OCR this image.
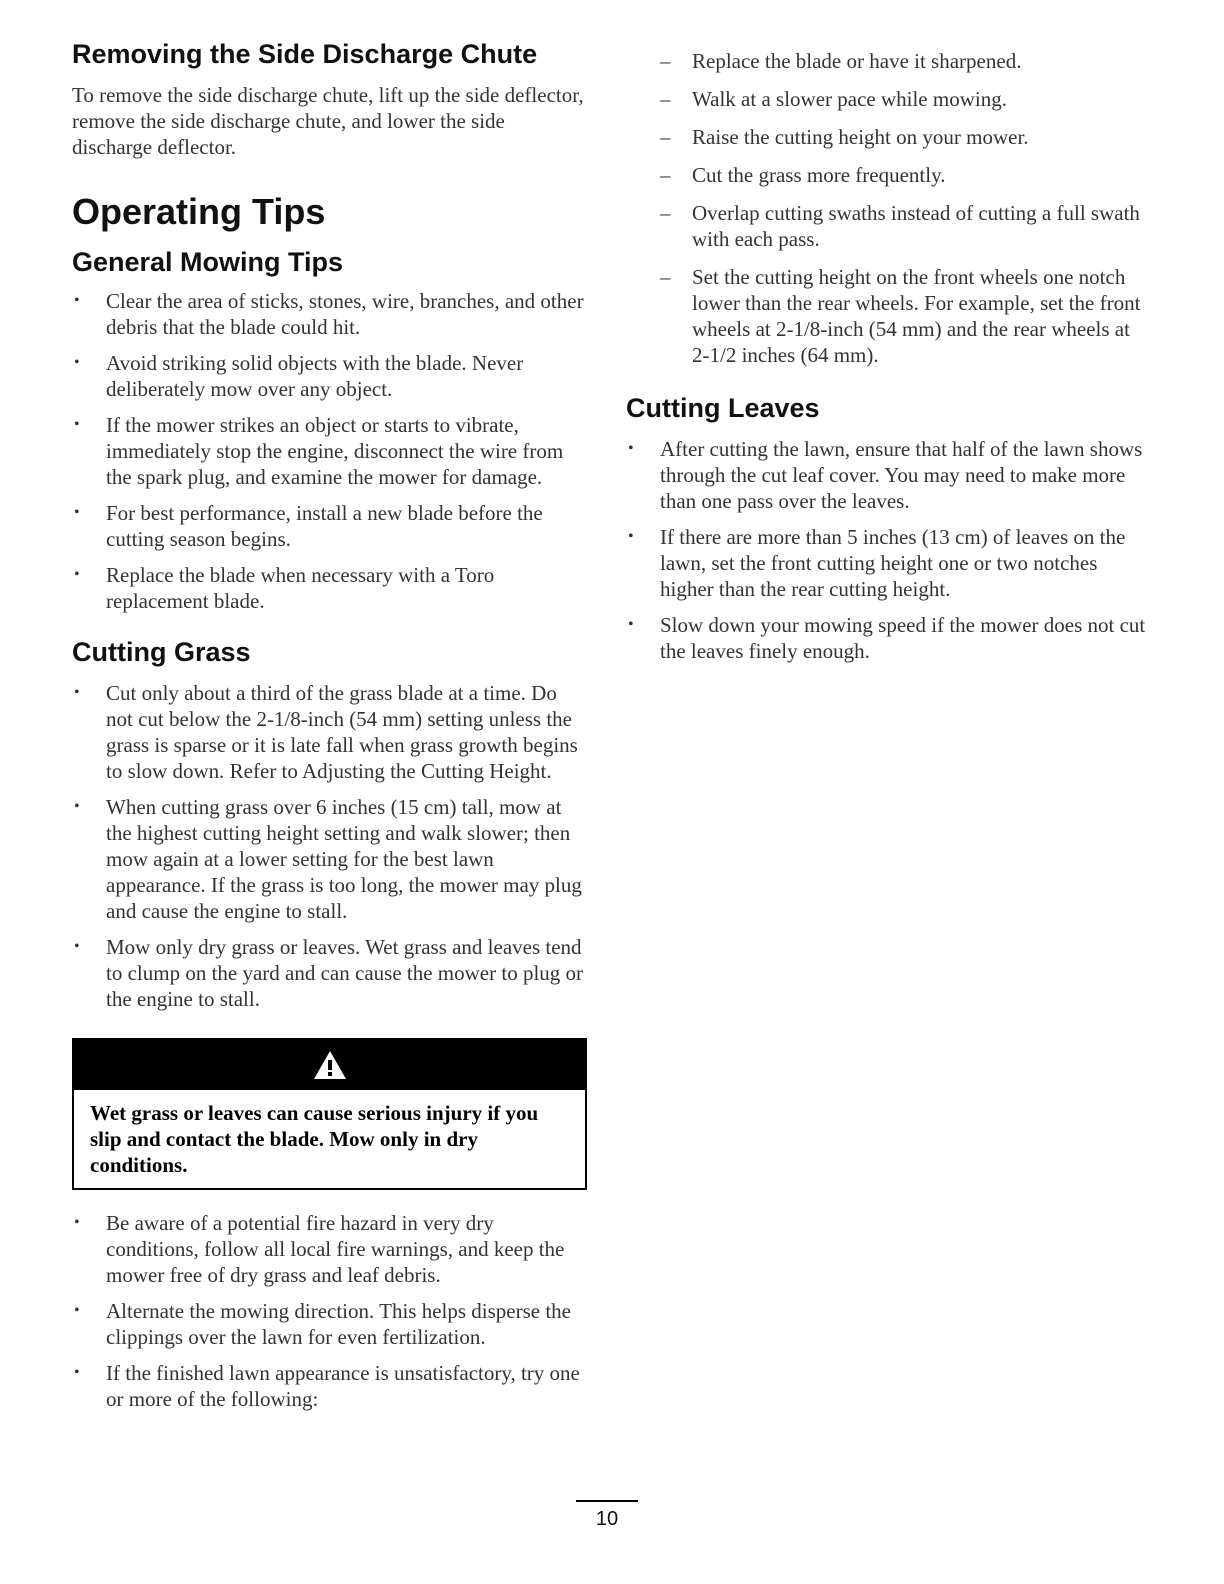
Removing the Side Discharge Chute

To remove the side discharge chute, lift up the side deflector, remove the side discharge chute, and lower the side discharge deflector.

Operating Tips
General Mowing Tips
• Clear the area of sticks, stones, wire, branches, and other debris that the blade could hit.
• Avoid striking solid objects with the blade. Never deliberately mow over any object.
• If the mower strikes an object or starts to vibrate, immediately stop the engine, disconnect the wire from the spark plug, and examine the mower for damage.
• For best performance, install a new blade before the cutting season begins.
• Replace the blade when necessary with a Toro replacement blade.
Cutting Grass
• Cut only about a third of the grass blade at a time. Do not cut below the 2-1/8-inch (54 mm) setting unless the grass is sparse or it is late fall when grass growth begins to slow down. Refer to Adjusting the Cutting Height.
• When cutting grass over 6 inches (15 cm) tall, mow at the highest cutting height setting and walk slower; then mow again at a lower setting for the best lawn appearance. If the grass is too long, the mower may plug and cause the engine to stall.
• Mow only dry grass or leaves. Wet grass and leaves tend to clump on the yard and can cause the mower to plug or the engine to stall.
Wet grass or leaves can cause serious injury if you slip and contact the blade. Mow only in dry conditions.
• Be aware of a potential fire hazard in very dry conditions, follow all local fire warnings, and keep the mower free of dry grass and leaf debris.
• Alternate the mowing direction. This helps disperse the clippings over the lawn for even fertilization.
• If the finished lawn appearance is unsatisfactory, try one or more of the following:
– Replace the blade or have it sharpened.
– Walk at a slower pace while mowing.
– Raise the cutting height on your mower.
– Cut the grass more frequently.
– Overlap cutting swaths instead of cutting a full swath with each pass.
– Set the cutting height on the front wheels one notch lower than the rear wheels. For example, set the front wheels at 2-1/8-inch (54 mm) and the rear wheels at 2-1/2 inches (64 mm).
Cutting Leaves
• After cutting the lawn, ensure that half of the lawn shows through the cut leaf cover. You may need to make more than one pass over the leaves.
• If there are more than 5 inches (13 cm) of leaves on the lawn, set the front cutting height one or two notches higher than the rear cutting height.
• Slow down your mowing speed if the mower does not cut the leaves finely enough.
10
